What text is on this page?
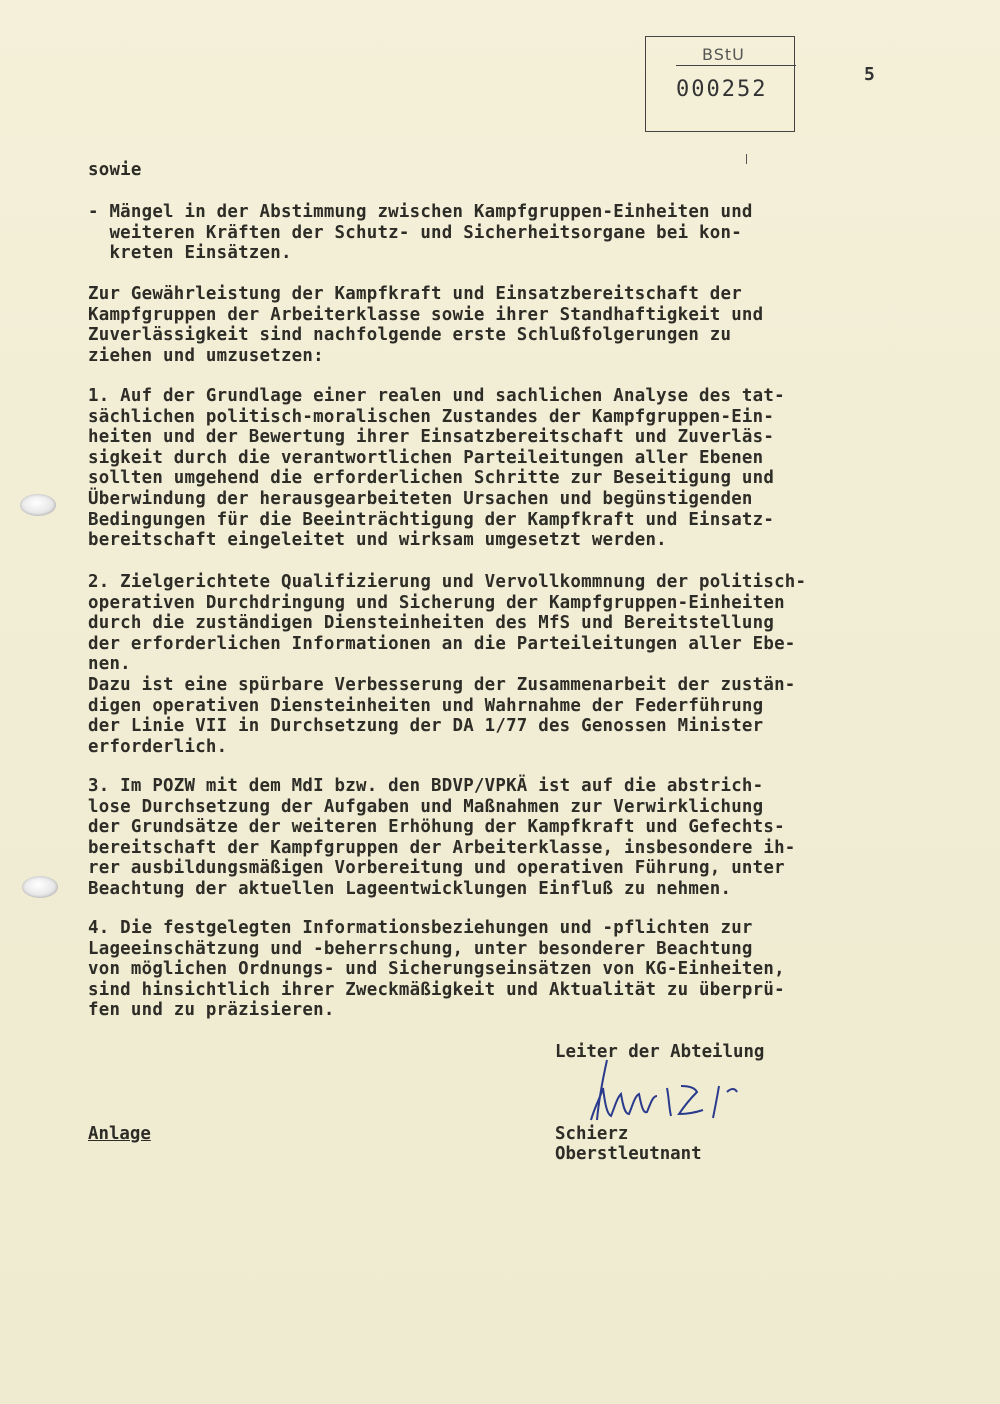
BStU
000252
5
sowie
- Mängel in der Abstimmung zwischen Kampfgruppen-Einheiten und
weiteren Kräften der Schutz- und Sicherheitsorgane bei kon-
kreten Einsätzen.
Zur Gewährleistung der Kampfkraft und Einsatzbereitschaft der
Kampfgruppen der Arbeiterklasse sowie ihrer Standhaftigkeit und
Zuverlässigkeit sind nachfolgende erste Schlußfolgerungen zu
ziehen und umzusetzen:
1. Auf der Grundlage einer realen und sachlichen Analyse des tat-
sächlichen politisch-moralischen Zustandes der Kampfgruppen-Ein-
heiten und der Bewertung ihrer Einsatzbereitschaft und Zuverläs-
sigkeit durch die verantwortlichen Parteileitungen aller Ebenen
sollten umgehend die erforderlichen Schritte zur Beseitigung und
Überwindung der herausgearbeiteten Ursachen und begünstigenden
Bedingungen für die Beeinträchtigung der Kampfkraft und Einsatz-
bereitschaft eingeleitet und wirksam umgesetzt werden.
2. Zielgerichtete Qualifizierung und Vervollkommnung der politisch-
operativen Durchdringung und Sicherung der Kampfgruppen-Einheiten
durch die zuständigen Diensteinheiten des MfS und Bereitstellung
der erforderlichen Informationen an die Parteileitungen aller Ebe-
nen.
Dazu ist eine spürbare Verbesserung der Zusammenarbeit der zustän-
digen operativen Diensteinheiten und Wahrnahme der Federführung
der Linie VII in Durchsetzung der DA 1/77 des Genossen Minister
erforderlich.
3. Im POZW mit dem MdI bzw. den BDVP/VPKÄ ist auf die abstrich-
lose Durchsetzung der Aufgaben und Maßnahmen zur Verwirklichung
der Grundsätze der weiteren Erhöhung der Kampfkraft und Gefechts-
bereitschaft der Kampfgruppen der Arbeiterklasse, insbesondere ih-
rer ausbildungsmäßigen Vorbereitung und operativen Führung, unter
Beachtung der aktuellen Lageentwicklungen Einfluß zu nehmen.
4. Die festgelegten Informationsbeziehungen und -pflichten zur
Lageeinschätzung und -beherrschung, unter besonderer Beachtung
von möglichen Ordnungs- und Sicherungseinsätzen von KG-Einheiten,
sind hinsichtlich ihrer Zweckmäßigkeit und Aktualität zu überprü-
fen und zu präzisieren.
Leiter der Abteilung
Anlage	Schierz
Oberstleutnant
